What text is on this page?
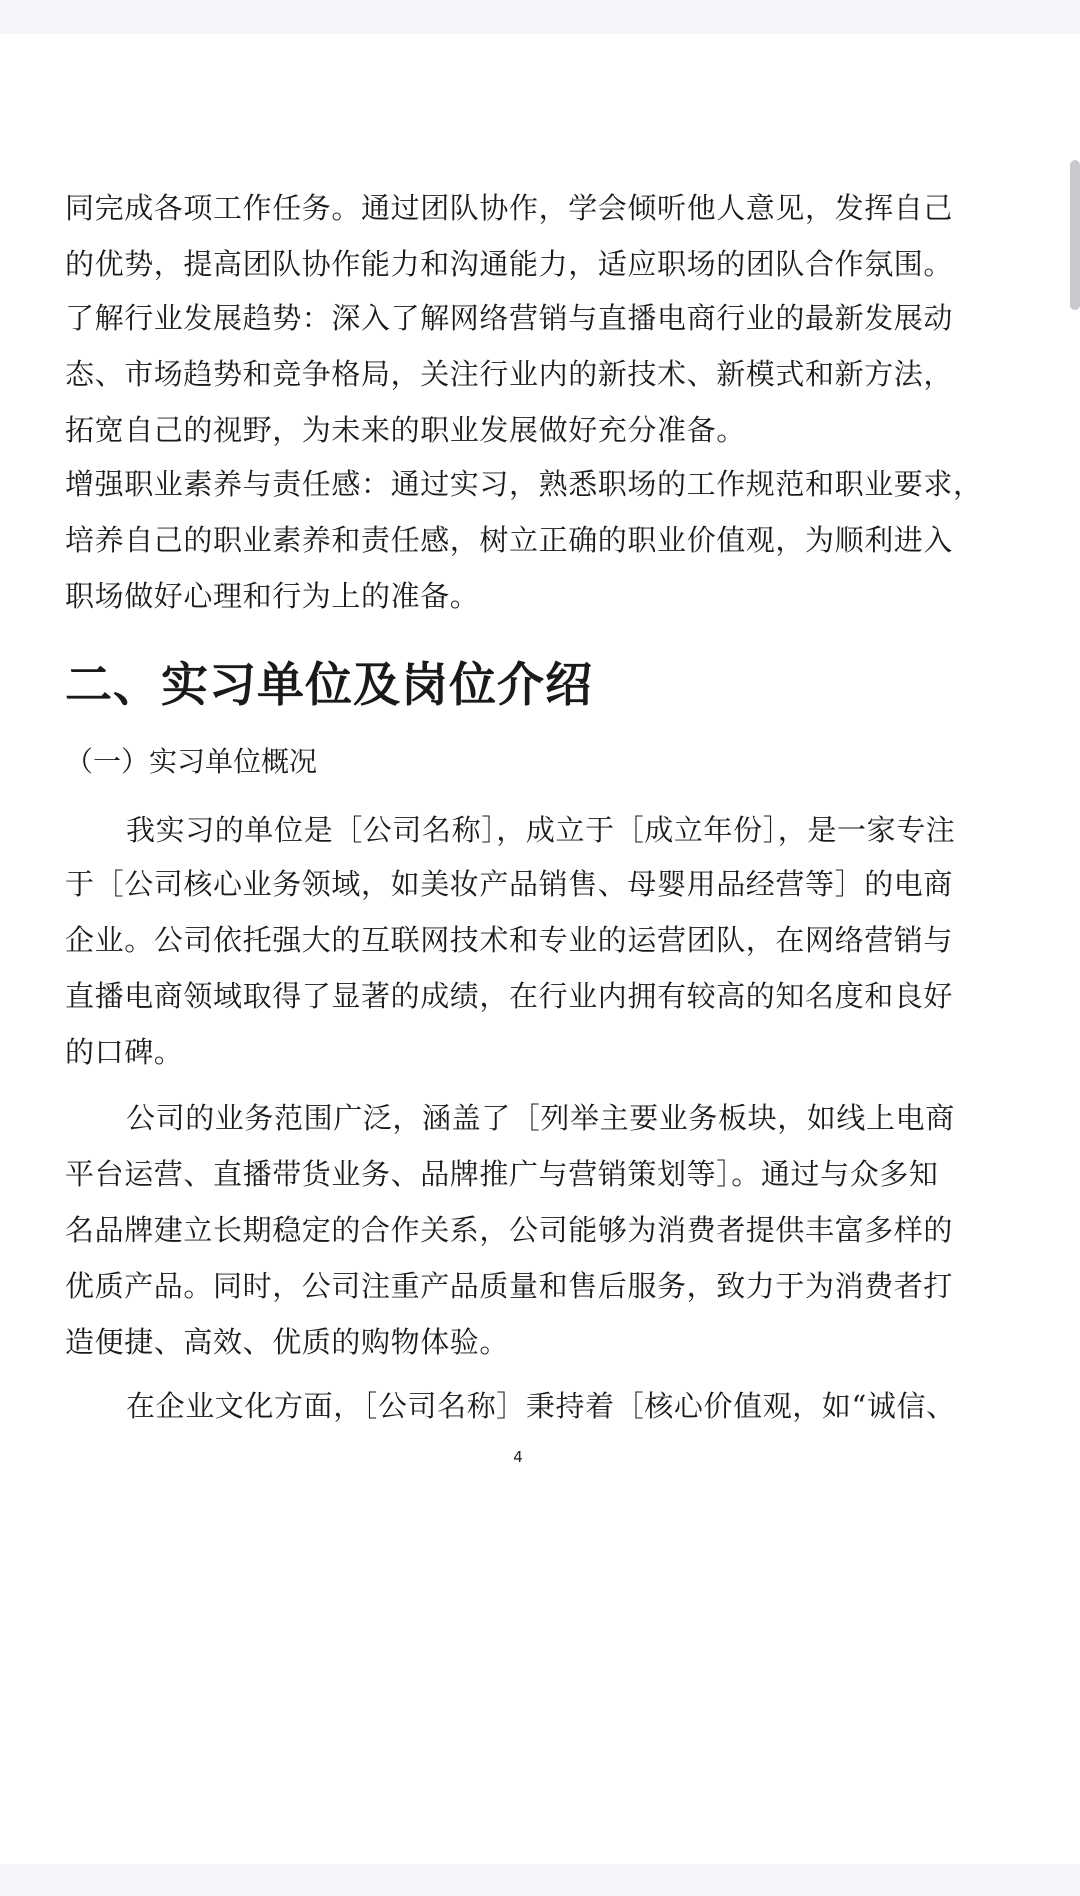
同完成各项工作任务。通过团队协作，学会倾听他人意见，发挥自己

的优势，提高团队协作能力和沟通能力，适应职场的团队合作氛围。

了解行业发展趋势：深入了解网络营销与直播电商行业的最新发展动

态、市场趋势和竞争格局，关注行业内的新技术、新模式和新方法，

拓宽自己的视野，为未来的职业发展做好充分准备。

增强职业素养与责任感：通过实习，熟悉职场的工作规范和职业要求，

培养自己的职业素养和责任感，树立正确的职业价值观，为顺利进入

职场做好心理和行为上的准备。

二、实习单位及岗位介绍

（一）实习单位概况

我实习的单位是［公司名称］，成立于［成立年份］，是一家专注

于［公司核心业务领域，如美妆产品销售、母婴用品经营等］的电商

企业。公司依托强大的互联网技术和专业的运营团队，在网络营销与

直播电商领域取得了显著的成绩，在行业内拥有较高的知名度和良好

的口碑。

公司的业务范围广泛，涵盖了［列举主要业务板块，如线上电商

平台运营、直播带货业务、品牌推广与营销策划等］。通过与众多知

名品牌建立长期稳定的合作关系，公司能够为消费者提供丰富多样的

优质产品。同时，公司注重产品质量和售后服务，致力于为消费者打

造便捷、高效、优质的购物体验。

在企业文化方面，［公司名称］秉持着［核心价值观，如“诚信、

4
